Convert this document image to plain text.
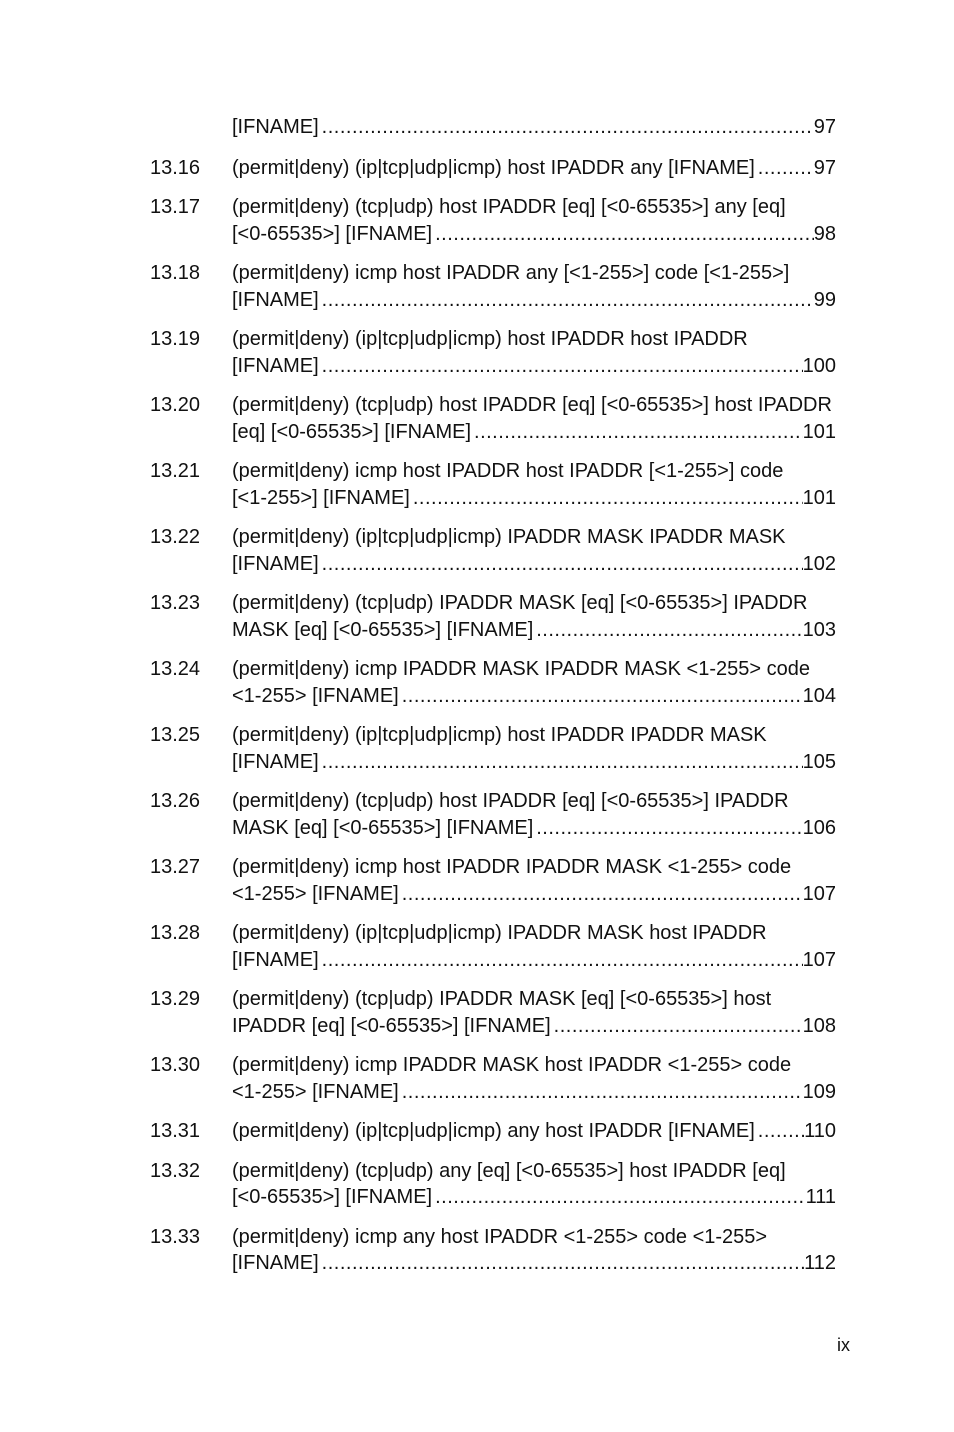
[IFNAME] .....	97
13.16	(permit|deny) (ip|tcp|udp|icmp) host IPADDR any [IFNAME] .....	97
13.17	(permit|deny) (tcp|udp) host IPADDR [eq] [<0-65535>] any [eq]
[<0-65535>] [IFNAME] .....	98
13.18	(permit|deny) icmp host IPADDR any [<1-255>] code [<1-255>]
[IFNAME] .....	99
13.19	(permit|deny) (ip|tcp|udp|icmp) host IPADDR host IPADDR
[IFNAME] .....	100
13.20	(permit|deny) (tcp|udp) host IPADDR [eq] [<0-65535>] host IPADDR
[eq] [<0-65535>] [IFNAME] .....	101
13.21	(permit|deny) icmp host IPADDR host IPADDR [<1-255>] code
[<1-255>] [IFNAME] .....	101
13.22	(permit|deny) (ip|tcp|udp|icmp) IPADDR MASK IPADDR MASK
[IFNAME] .....	102
13.23	(permit|deny) (tcp|udp) IPADDR MASK [eq] [<0-65535>] IPADDR
MASK [eq] [<0-65535>] [IFNAME] .....	103
13.24	(permit|deny) icmp IPADDR MASK IPADDR MASK <1-255> code
<1-255> [IFNAME] .....	104
13.25	(permit|deny) (ip|tcp|udp|icmp) host IPADDR IPADDR MASK
[IFNAME] .....	105
13.26	(permit|deny) (tcp|udp) host IPADDR [eq] [<0-65535>] IPADDR
MASK [eq] [<0-65535>] [IFNAME] .....	106
13.27	(permit|deny) icmp host IPADDR IPADDR MASK <1-255> code
<1-255> [IFNAME] .....	107
13.28	(permit|deny) (ip|tcp|udp|icmp) IPADDR MASK host IPADDR
[IFNAME] .....	107
13.29	(permit|deny) (tcp|udp) IPADDR MASK [eq] [<0-65535>] host
IPADDR [eq] [<0-65535>] [IFNAME] .....	108
13.30	(permit|deny) icmp IPADDR MASK host IPADDR <1-255> code
<1-255> [IFNAME] .....	109
13.31	(permit|deny) (ip|tcp|udp|icmp) any host IPADDR [IFNAME] ..... 110
13.32	(permit|deny) (tcp|udp) any [eq] [<0-65535>] host IPADDR [eq]
[<0-65535>] [IFNAME] .....	111
13.33	(permit|deny) icmp any host IPADDR <1-255> code <1-255>
[IFNAME] .....	112
ix
